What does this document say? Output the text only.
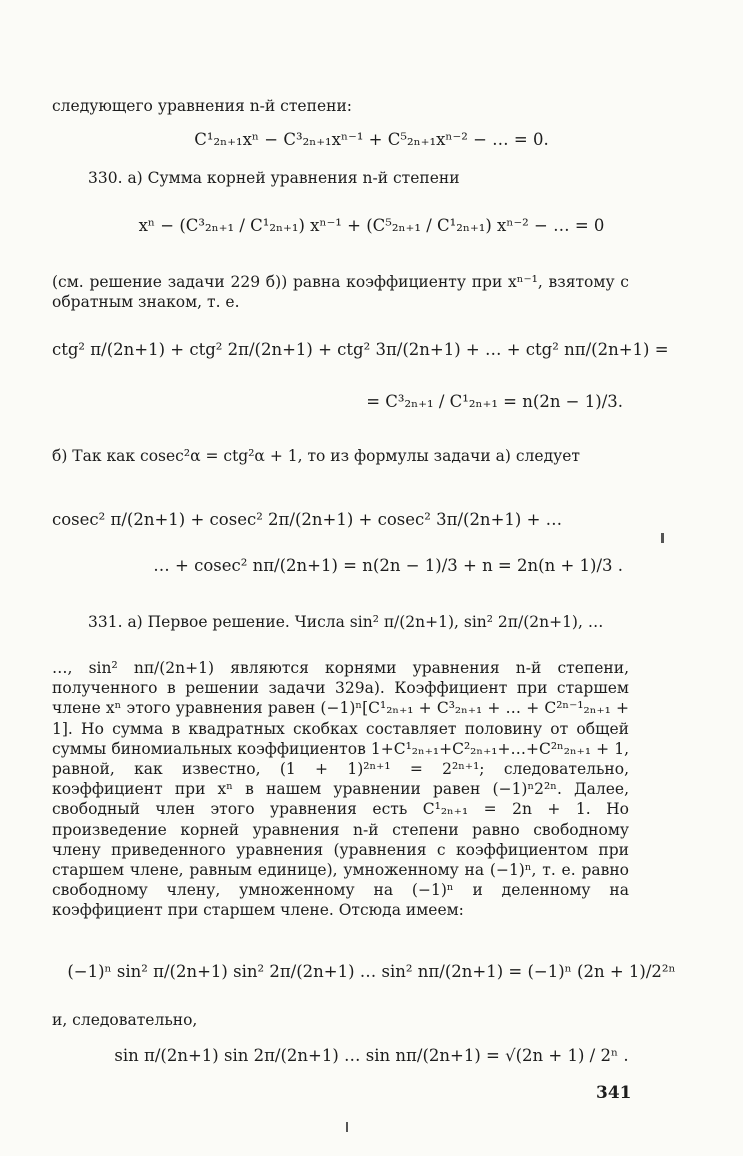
следующего уравнения n-й степени:
C¹₂ₙ₊₁xⁿ − C³₂ₙ₊₁xⁿ⁻¹ + C⁵₂ₙ₊₁xⁿ⁻² − … = 0.
330. а) Сумма корней уравнения n-й степени
xⁿ − (C³₂ₙ₊₁ / C¹₂ₙ₊₁) xⁿ⁻¹ + (C⁵₂ₙ₊₁ / C¹₂ₙ₊₁) xⁿ⁻² − … = 0
(см. решение задачи 229 б)) равна коэффициенту при xⁿ⁻¹, взятому с обратным знаком, т. е.
ctg² π/(2n+1) + ctg² 2π/(2n+1) + ctg² 3π/(2n+1) + … + ctg² nπ/(2n+1) =
= C³₂ₙ₊₁ / C¹₂ₙ₊₁ = n(2n − 1)/3.
б) Так как cosec²α = ctg²α + 1, то из формулы задачи а) следует
cosec² π/(2n+1) + cosec² 2π/(2n+1) + cosec² 3π/(2n+1) + …
… + cosec² nπ/(2n+1) = n(2n − 1)/3 + n = 2n(n + 1)/3 .
331. а) Первое решение. Числа sin² π/(2n+1), sin² 2π/(2n+1), …
…, sin² nπ/(2n+1) являются корнями уравнения n-й степени, полученного в решении задачи 329а). Коэффициент при старшем члене xⁿ этого уравнения равен (−1)ⁿ[C¹₂ₙ₊₁ + C³₂ₙ₊₁ + … + C²ⁿ⁻¹₂ₙ₊₁ + 1]. Но сумма в квадратных скобках составляет половину от общей суммы биномиальных коэффициентов 1+C¹₂ₙ₊₁+C²₂ₙ₊₁+…+C²ⁿ₂ₙ₊₁ + 1, равной, как известно, (1 + 1)²ⁿ⁺¹ = 2²ⁿ⁺¹; следовательно, коэффициент при xⁿ в нашем уравнении равен (−1)ⁿ2²ⁿ. Далее, свободный член этого уравнения есть C¹₂ₙ₊₁ = 2n + 1. Но произведение корней уравнения n-й степени равно свободному члену приведенного уравнения (уравнения с коэффициентом при старшем члене, равным единице), умноженному на (−1)ⁿ, т. е. равно свободному члену, умноженному на (−1)ⁿ и деленному на коэффициент при старшем члене. Отсюда имеем:
(−1)ⁿ sin² π/(2n+1) sin² 2π/(2n+1) … sin² nπ/(2n+1) = (−1)ⁿ (2n + 1)/2²ⁿ
и, следовательно,
sin π/(2n+1) sin 2π/(2n+1) … sin nπ/(2n+1) = √(2n + 1) / 2ⁿ .
341
